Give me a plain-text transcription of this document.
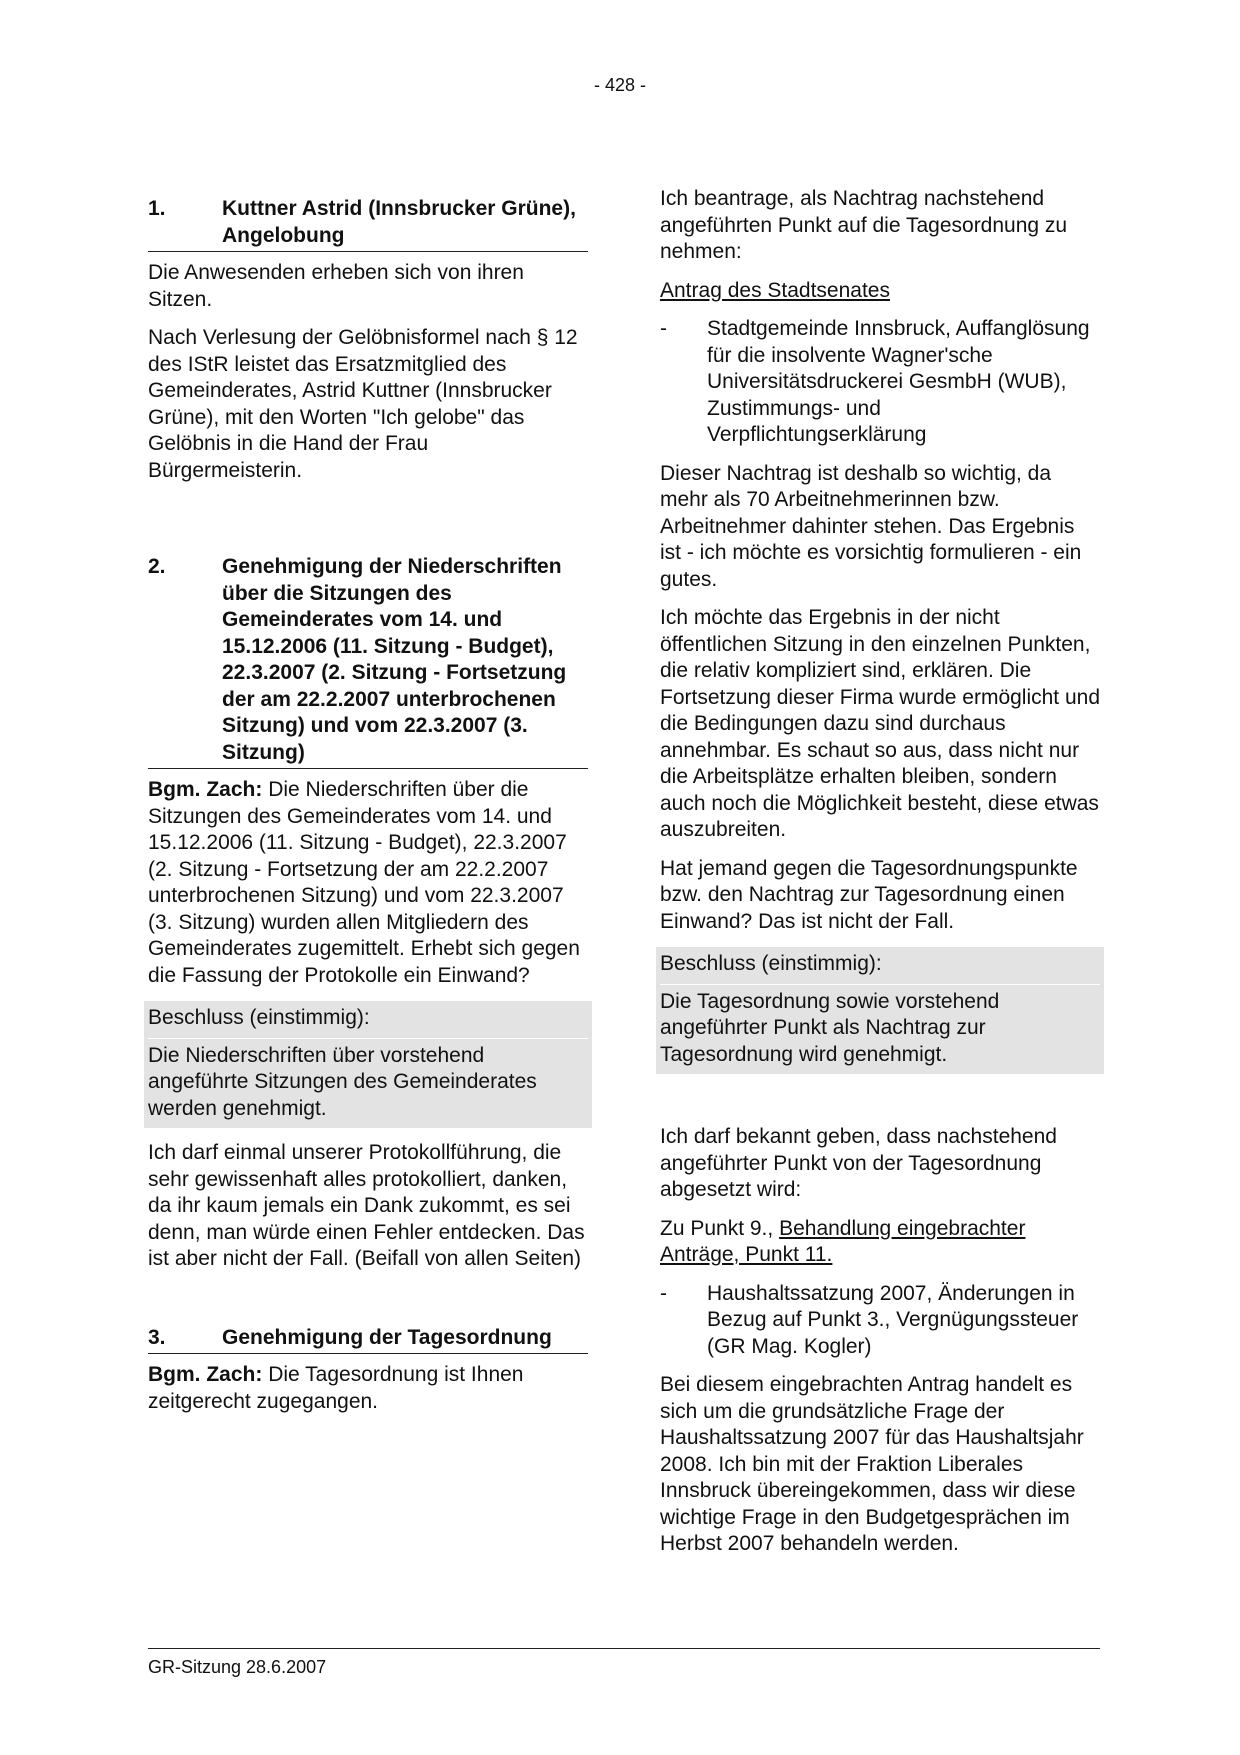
- 428 -
1.	Kuttner Astrid (Innsbrucker Grüne), Angelobung

Die Anwesenden erheben sich von ihren Sitzen.

Nach Verlesung der Gelöbnisformel nach § 12 des IStR leistet das Ersatzmitglied des Gemeinderates, Astrid Kuttner (Innsbrucker Grüne), mit den Worten "Ich gelobe" das Gelöbnis in die Hand der Frau Bürgermeisterin.

2.	Genehmigung der Niederschriften über die Sitzungen des Gemeinderates vom 14. und 15.12.2006 (11. Sitzung - Budget), 22.3.2007 (2. Sitzung - Fortsetzung der am 22.2.2007 unterbrochenen Sitzung) und vom 22.3.2007 (3. Sitzung)

Bgm. Zach: Die Niederschriften über die Sitzungen des Gemeinderates vom 14. und 15.12.2006 (11. Sitzung - Budget), 22.3.2007 (2. Sitzung - Fortsetzung der am 22.2.2007 unterbrochenen Sitzung) und vom 22.3.2007 (3. Sitzung) wurden allen Mitgliedern des Gemeinderates zugemittelt. Erhebt sich gegen die Fassung der Protokolle ein Einwand?

Beschluss (einstimmig):

Die Niederschriften über vorstehend angeführte Sitzungen des Gemeinderates werden genehmigt.

Ich darf einmal unserer Protokollführung, die sehr gewissenhaft alles protokolliert, danken, da ihr kaum jemals ein Dank zukommt, es sei denn, man würde einen Fehler entdecken. Das ist aber nicht der Fall. (Beifall von allen Seiten)

3.	Genehmigung der Tagesordnung

Bgm. Zach: Die Tagesordnung ist Ihnen zeitgerecht zugegangen.

Ich beantrage, als Nachtrag nachstehend angeführten Punkt auf die Tagesordnung zu nehmen:

Antrag des Stadtsenates

-	Stadtgemeinde Innsbruck, Auffanglösung für die insolvente Wagner'sche Universitätsdruckerei GesmbH (WUB), Zustimmungs- und Verpflichtungserklärung

Dieser Nachtrag ist deshalb so wichtig, da mehr als 70 Arbeitnehmerinnen bzw. Arbeitnehmer dahinter stehen. Das Ergebnis ist - ich möchte es vorsichtig formulieren - ein gutes.

Ich möchte das Ergebnis in der nicht öffentlichen Sitzung in den einzelnen Punkten, die relativ kompliziert sind, erklären. Die Fortsetzung dieser Firma wurde ermöglicht und die Bedingungen dazu sind durchaus annehmbar. Es schaut so aus, dass nicht nur die Arbeitsplätze erhalten bleiben, sondern auch noch die Möglichkeit besteht, diese etwas auszubreiten.

Hat jemand gegen die Tagesordnungspunkte bzw. den Nachtrag zur Tagesordnung einen Einwand? Das ist nicht der Fall.

Beschluss (einstimmig):

Die Tagesordnung sowie vorstehend angeführter Punkt als Nachtrag zur Tagesordnung wird genehmigt.

Ich darf bekannt geben, dass nachstehend angeführter Punkt von der Tagesordnung abgesetzt wird:

Zu Punkt 9., Behandlung eingebrachter Anträge, Punkt 11.

-	Haushaltssatzung 2007, Änderungen in Bezug auf Punkt 3., Vergnügungssteuer (GR Mag. Kogler)

Bei diesem eingebrachten Antrag handelt es sich um die grundsätzliche Frage der Haushaltssatzung 2007 für das Haushaltsjahr 2008. Ich bin mit der Fraktion Liberales Innsbruck übereingekommen, dass wir diese wichtige Frage in den Budgetgesprächen im Herbst 2007 behandeln werden.

GR-Sitzung 28.6.2007
